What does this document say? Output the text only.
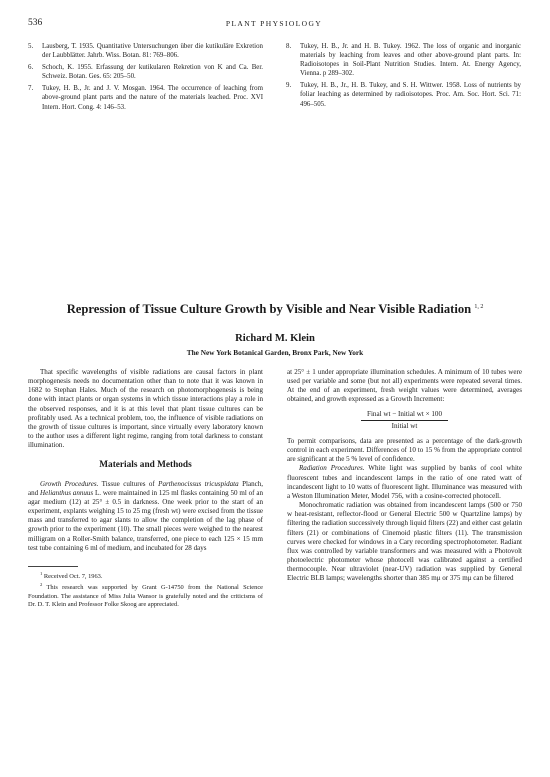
536	PLANT PHYSIOLOGY
5. Lausberg, T. 1935. Quantitative Untersuchungen über die kutikuläre Exkretion der Laubblätter. Jahrb. Wiss. Botan. 81: 769–806.
6. Schoch, K. 1955. Erfassung der kutikularen Rekretion von K and Ca. Ber. Schweiz. Botan. Ges. 65: 205–50.
7. Tukey, H. B., Jr. and J. V. Mosgan. 1964. The occurrence of leaching from above-ground plant parts and the nature of the materials leached. Proc. XVI Intern. Hort. Cong. 4: 146–53.
8. Tukey, H. B., Jr. and H. B. Tukey. 1962. The loss of organic and inorganic materials by leaching from leaves and other above-ground plant parts. In: Radioisotopes in Soil-Plant Nutrition Studies. Intern. At. Energy Agency, Vienna. p 289–302.
9. Tukey, H. B., Jr., H. B. Tukey, and S. H. Wittwer. 1958. Loss of nutrients by foliar leaching as determined by radioisotopes. Proc. Am. Soc. Hort. Sci. 71: 496–505.
Repression of Tissue Culture Growth by Visible and Near Visible Radiation $^{1, 2}$
Richard M. Klein
The New York Botanical Garden, Bronx Park, New York

That specific wavelengths of visible radiations are causal factors in plant morphogenesis needs no documentation other than to note that it was known in 1682 to Stephan Hales. Much of the research on photomorphogenesis is being done with intact plants or organ systems in which tissue interactions play a role in the observed responses, and it is at this level that plant tissue cultures can be profitably used. As a technical problem, too, the influence of visible radiations on the growth of tissue cultures is important, since virtually every laboratory known to the author uses a different light regime, ranging from total darkness to constant illumination.

Materials and Methods

Growth Procedures. Tissue cultures of Parthenocissus tricuspidata Planch, and Helianthus annuus L. were maintained in 125 ml flasks containing 50 ml of an agar medium (12) at 25° ± 0.5 in darkness. One week prior to the start of an experiment, explants weighing 15 to 25 mg (fresh wt) were excised from the tissue mass and transferred to agar slants to allow the completion of the lag phase of growth prior to the experiment (10). The small pieces were weighed to the nearest milligram on a Roller-Smith balance, transferred, one piece to each 125 × 15 mm test tube containing 6 ml of medium, and incubated for 28 days

$^1$ Received Oct. 7, 1963.

$^2$ This research was supported by Grant G-14750 from the National Science Foundation. The assistance of Miss Julia Wansor is gratefully noted and the criticisms of Dr. D. T. Klein and Professor Folke Skoog are appreciated.

at 25° ± 1 under appropriate illumination schedules. A minimum of 10 tubes were used per variable and some (but not all) experiments were repeated several times. At the end of an experiment, fresh weight values were determined, averages obtained, and growth expressed as a Growth Increment:

Final wt − Initial wt × 100
Initial wt

To permit comparisons, data are presented as a percentage of the dark-growth control in each experiment. Differences of 10 to 15 % from the appropriate control are significant at the 5 % level of confidence.

Radiation Procedures. White light was supplied by banks of cool white fluorescent tubes and incandescent lamps in the ratio of one rated watt of incandescent light to 10 watts of fluorescent light. Illuminance was measured with a Weston Illumination Meter, Model 756, with a cosine-corrected photocell.

Monochromatic radiation was obtained from incandescent lamps (500 or 750 w heat-resistant, reflector-flood or General Electric 500 w Quartzline lamps) by filtering the radiation successively through liquid filters (22) and either cast gelatin filters (21) or combinations of Cinemoid plastic filters (11). The transmission curves were checked for windows in a Cary recording spectrophotometer. Radiant flux was controlled by variable transformers and was measured with a Photovolt photoelectric photometer whose photocell was calibrated against a certified thermocouple. Near ultraviolet (near-UV) radiation was supplied by General Electric BLB lamps; wavelengths shorter than 385 mμ or 375 mμ can be filtered
